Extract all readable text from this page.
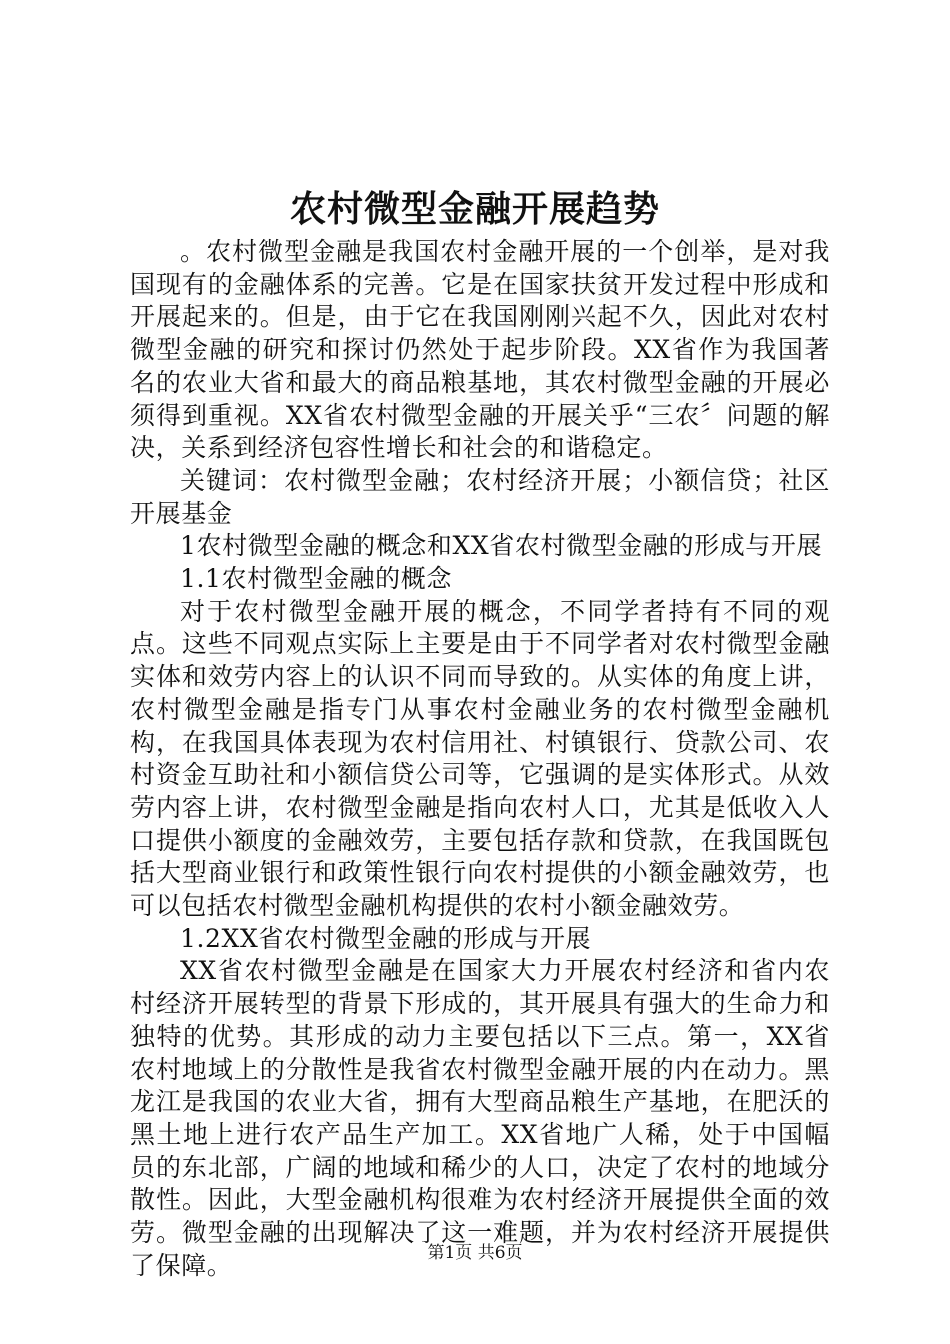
农村微型金融开展趋势

。农村微型金融是我国农村金融开展的一个创举，是对我国现有的金融体系的完善。它是在国家扶贫开发过程中形成和开展起来的。但是，由于它在我国刚刚兴起不久，因此对农村微型金融的研究和探讨仍然处于起步阶段。XX省作为我国著名的农业大省和最大的商品粮基地，其农村微型金融的开展必须得到重视。XX省农村微型金融的开展关乎“三农〞问题的解决，关系到经济包容性增长和社会的和谐稳定。

关键词：农村微型金融；农村经济开展；小额信贷；社区开展基金

1农村微型金融的概念和XX省农村微型金融的形成与开展

1.1农村微型金融的概念

对于农村微型金融开展的概念，不同学者持有不同的观点。这些不同观点实际上主要是由于不同学者对农村微型金融实体和效劳内容上的认识不同而导致的。从实体的角度上讲，农村微型金融是指专门从事农村金融业务的农村微型金融机构，在我国具体表现为农村信用社、村镇银行、贷款公司、农村资金互助社和小额信贷公司等，它强调的是实体形式。从效劳内容上讲，农村微型金融是指向农村人口，尤其是低收入人口提供小额度的金融效劳，主要包括存款和贷款，在我国既包括大型商业银行和政策性银行向农村提供的小额金融效劳，也可以包括农村微型金融机构提供的农村小额金融效劳。

1.2XX省农村微型金融的形成与开展

XX省农村微型金融是在国家大力开展农村经济和省内农村经济开展转型的背景下形成的，其开展具有强大的生命力和独特的优势。其形成的动力主要包括以下三点。第一，XX省农村地域上的分散性是我省农村微型金融开展的内在动力。黑龙江是我国的农业大省，拥有大型商品粮生产基地，在肥沃的黑土地上进行农产品生产加工。XX省地广人稀，处于中国幅员的东北部，广阔的地域和稀少的人口，决定了农村的地域分散性。因此，大型金融机构很难为农村经济开展提供全面的效劳。微型金融的出现解决了这一难题，并为农村经济开展提供了保障。	第1页 共6页
